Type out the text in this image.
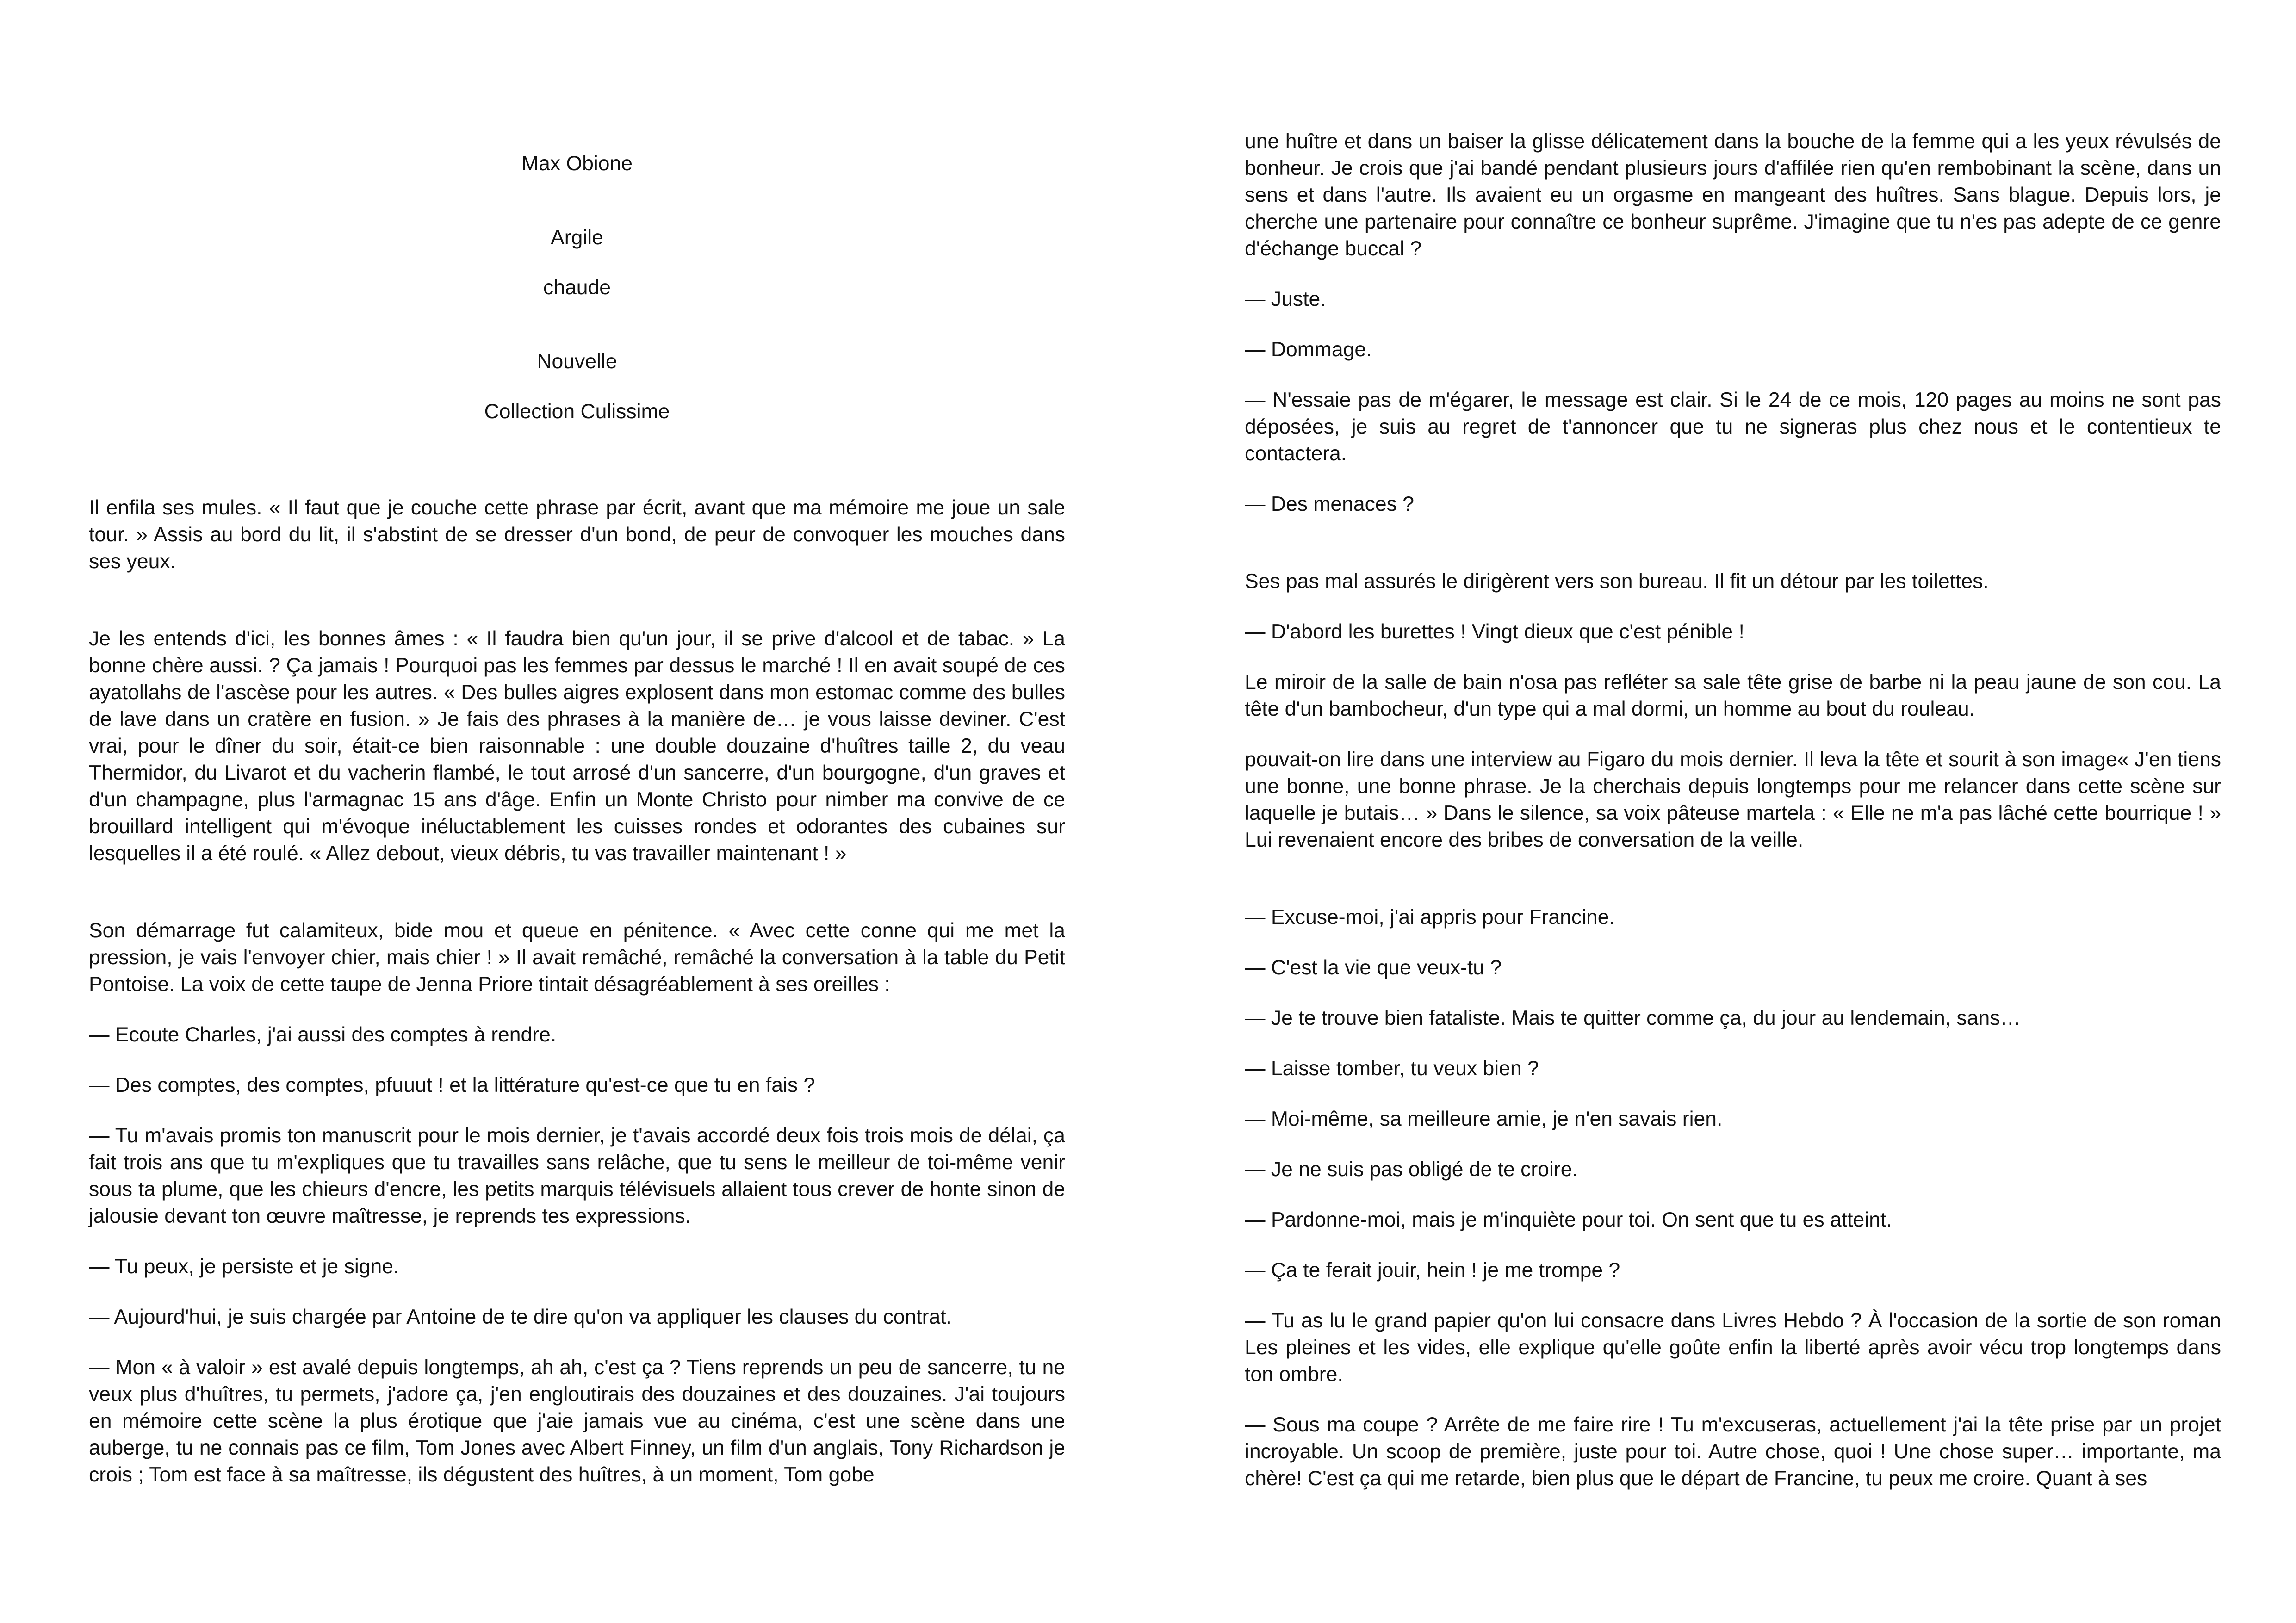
Max Obione
Argile
chaude
Nouvelle
Collection Culissime

Il enfila ses mules. « Il faut que je couche cette phrase par écrit, avant que ma mémoire me joue un sale tour. » Assis au bord du lit, il s'abstint de se dresser d'un bond, de peur de convoquer les mouches dans ses yeux.

Je les entends d'ici, les bonnes âmes : « Il faudra bien qu'un jour, il se prive d'alcool et de tabac. » La bonne chère aussi. ? Ça jamais ! Pourquoi pas les femmes par dessus le marché ! Il en avait soupé de ces ayatollahs de l'ascèse pour les autres. « Des bulles aigres explosent dans mon estomac comme des bulles de lave dans un cratère en fusion. » Je fais des phrases à la manière de… je vous laisse deviner. C'est vrai, pour le dîner du soir, était-ce bien raisonnable : une double douzaine d'huîtres taille 2, du veau Thermidor, du Livarot et du vacherin flambé, le tout arrosé d'un sancerre, d'un bourgogne, d'un graves et d'un champagne, plus l'armagnac 15 ans d'âge. Enfin un Monte Christo pour nimber ma convive de ce brouillard intelligent qui m'évoque inéluctablement les cuisses rondes et odorantes des cubaines sur lesquelles il a été roulé. « Allez debout, vieux débris, tu vas travailler maintenant ! »

Son démarrage fut calamiteux, bide mou et queue en pénitence. « Avec cette conne qui me met la pression, je vais l'envoyer chier, mais chier ! » Il avait remâché, remâché la conversation à la table du Petit Pontoise. La voix de cette taupe de Jenna Priore tintait désagréablement à ses oreilles :

— Ecoute Charles, j'ai aussi des comptes à rendre.

— Des comptes, des comptes, pfuuut ! et la littérature qu'est-ce que tu en fais ?

— Tu m'avais promis ton manuscrit pour le mois dernier, je t'avais accordé deux fois trois mois de délai, ça fait trois ans que tu m'expliques que tu travailles sans relâche, que tu sens le meilleur de toi-même venir sous ta plume, que les chieurs d'encre, les petits marquis télévisuels allaient tous crever de honte sinon de jalousie devant ton œuvre maîtresse, je reprends tes expressions.

— Tu peux, je persiste et je signe.

— Aujourd'hui, je suis chargée par Antoine de te dire qu'on va appliquer les clauses du contrat.

— Mon « à valoir » est avalé depuis longtemps, ah ah, c'est ça ? Tiens reprends un peu de sancerre, tu ne veux plus d'huîtres, tu permets, j'adore ça, j'en engloutirais des douzaines et des douzaines. J'ai toujours en mémoire cette scène la plus érotique que j'aie jamais vue au cinéma, c'est une scène dans une auberge, tu ne connais pas ce film, Tom Jones avec Albert Finney, un film d'un anglais, Tony Richardson je crois ; Tom est face à sa maîtresse, ils dégustent des huîtres, à un moment, Tom gobe

une huître et dans un baiser la glisse délicatement dans la bouche de la femme qui a les yeux révulsés de bonheur. Je crois que j'ai bandé pendant plusieurs jours d'affilée rien qu'en rembobinant la scène, dans un sens et dans l'autre. Ils avaient eu un orgasme en mangeant des huîtres. Sans blague. Depuis lors, je cherche une partenaire pour connaître ce bonheur suprême. J'imagine que tu n'es pas adepte de ce genre d'échange buccal ?

— Juste.

— Dommage.

— N'essaie pas de m'égarer, le message est clair. Si le 24 de ce mois, 120 pages au moins ne sont pas déposées, je suis au regret de t'annoncer que tu ne signeras plus chez nous et le contentieux te contactera.

— Des menaces ?

Ses pas mal assurés le dirigèrent vers son bureau. Il fit un détour par les toilettes.

— D'abord les burettes ! Vingt dieux que c'est pénible !

Le miroir de la salle de bain n'osa pas refléter sa sale tête grise de barbe ni la peau jaune de son cou. La tête d'un bambocheur, d'un type qui a mal dormi, un homme au bout du rouleau.

pouvait-on lire dans une interview au Figaro du mois dernier. Il leva la tête et sourit à son image« J'en tiens une bonne, une bonne phrase. Je la cherchais depuis longtemps pour me relancer dans cette scène sur laquelle je butais… » Dans le silence, sa voix pâteuse martela : « Elle ne m'a pas lâché cette bourrique ! » Lui revenaient encore des bribes de conversation de la veille.

— Excuse-moi, j'ai appris pour Francine.

— C'est la vie que veux-tu ?

— Je te trouve bien fataliste. Mais te quitter comme ça, du jour au lendemain, sans…

— Laisse tomber, tu veux bien ?

— Moi-même, sa meilleure amie, je n'en savais rien.

— Je ne suis pas obligé de te croire.

— Pardonne-moi, mais je m'inquiète pour toi. On sent que tu es atteint.

— Ça te ferait jouir, hein ! je me trompe ?

— Tu as lu le grand papier qu'on lui consacre dans Livres Hebdo ? À l'occasion de la sortie de son roman Les pleines et les vides, elle explique qu'elle goûte enfin la liberté après avoir vécu trop longtemps dans ton ombre.

— Sous ma coupe ? Arrête de me faire rire ! Tu m'excuseras, actuellement j'ai la tête prise par un projet incroyable. Un scoop de première, juste pour toi. Autre chose, quoi ! Une chose super… importante, ma chère! C'est ça qui me retarde, bien plus que le départ de Francine, tu peux me croire. Quant à ses
